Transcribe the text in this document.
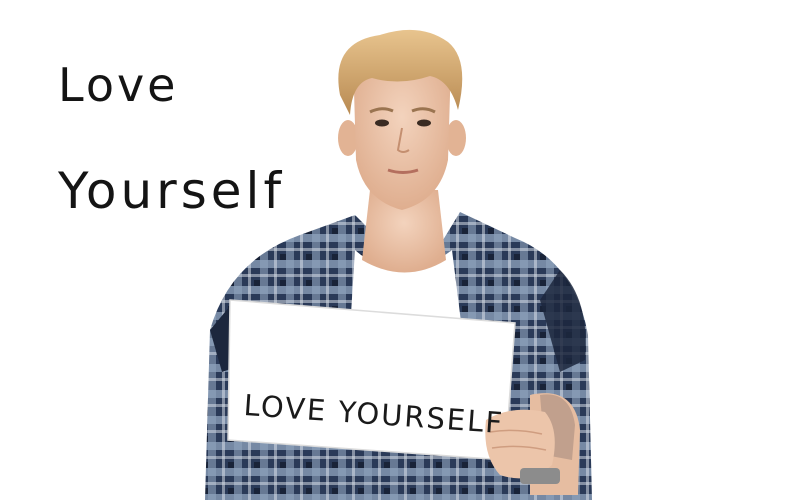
Love
Yourself
LOVE YOURSELF
